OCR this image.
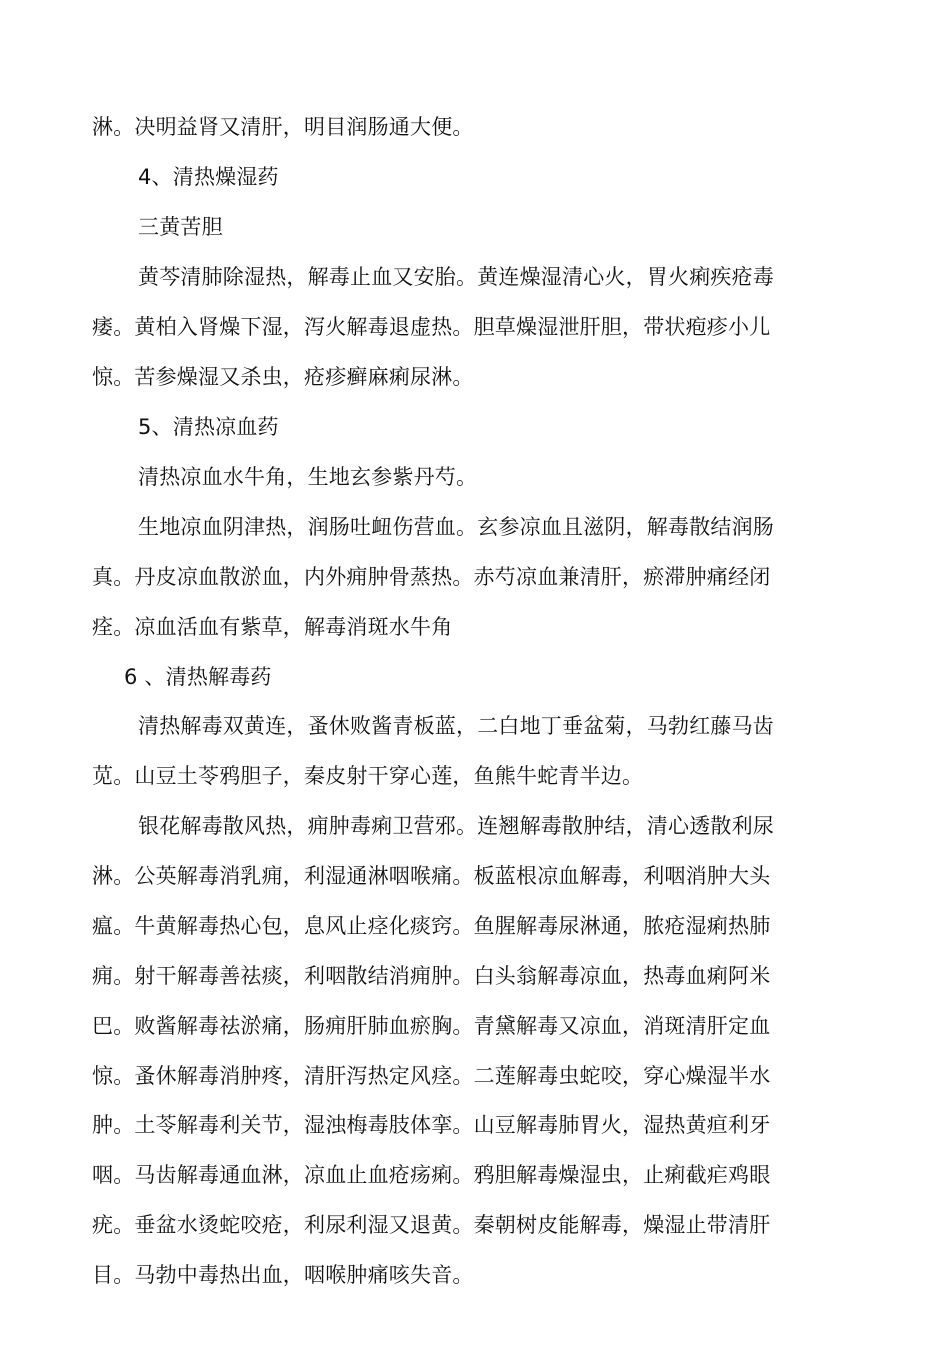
淋。决明益肾又清肝，明目润肠通大便。
4、清热燥湿药
三黄苦胆
黄芩清肺除湿热，解毒止血又安胎。黄连燥湿清心火，胃火痢疾疮毒
痿。黄柏入肾燥下湿，泻火解毒退虚热。胆草燥湿泄肝胆，带状疱疹小儿
惊。苦参燥湿又杀虫，疮疹癣麻痢尿淋。
5、清热凉血药
清热凉血水牛角，生地玄参紫丹芍。
生地凉血阴津热，润肠吐衄伤营血。玄参凉血且滋阴，解毒散结润肠
真。丹皮凉血散淤血，内外痈肿骨蒸热。赤芍凉血兼清肝，瘀滞肿痛经闭
痊。凉血活血有紫草，解毒消斑水牛角
6 、清热解毒药
清热解毒双黄连，蚤休败酱青板蓝，二白地丁垂盆菊，马勃红藤马齿
苋。山豆土苓鸦胆子，秦皮射干穿心莲，鱼熊牛蛇青半边。
银花解毒散风热，痈肿毒痢卫营邪。连翘解毒散肿结，清心透散利尿
淋。公英解毒消乳痈，利湿通淋咽喉痛。板蓝根凉血解毒，利咽消肿大头
瘟。牛黄解毒热心包，息风止痉化痰窍。鱼腥解毒尿淋通，脓疮湿痢热肺
痈。射干解毒善祛痰，利咽散结消痈肿。白头翁解毒凉血，热毒血痢阿米
巴。败酱解毒祛淤痛，肠痈肝肺血瘀胸。青黛解毒又凉血，消斑清肝定血
惊。蚤休解毒消肿疼，清肝泻热定风痉。二莲解毒虫蛇咬，穿心燥湿半水
肿。土苓解毒利关节，湿浊梅毒肢体挛。山豆解毒肺胃火，湿热黄疸利牙
咽。马齿解毒通血淋，凉血止血疮疡痢。鸦胆解毒燥湿虫，止痢截疟鸡眼
疣。垂盆水烫蛇咬疮，利尿利湿又退黄。秦朝树皮能解毒，燥湿止带清肝
目。马勃中毒热出血，咽喉肿痛咳失音。
